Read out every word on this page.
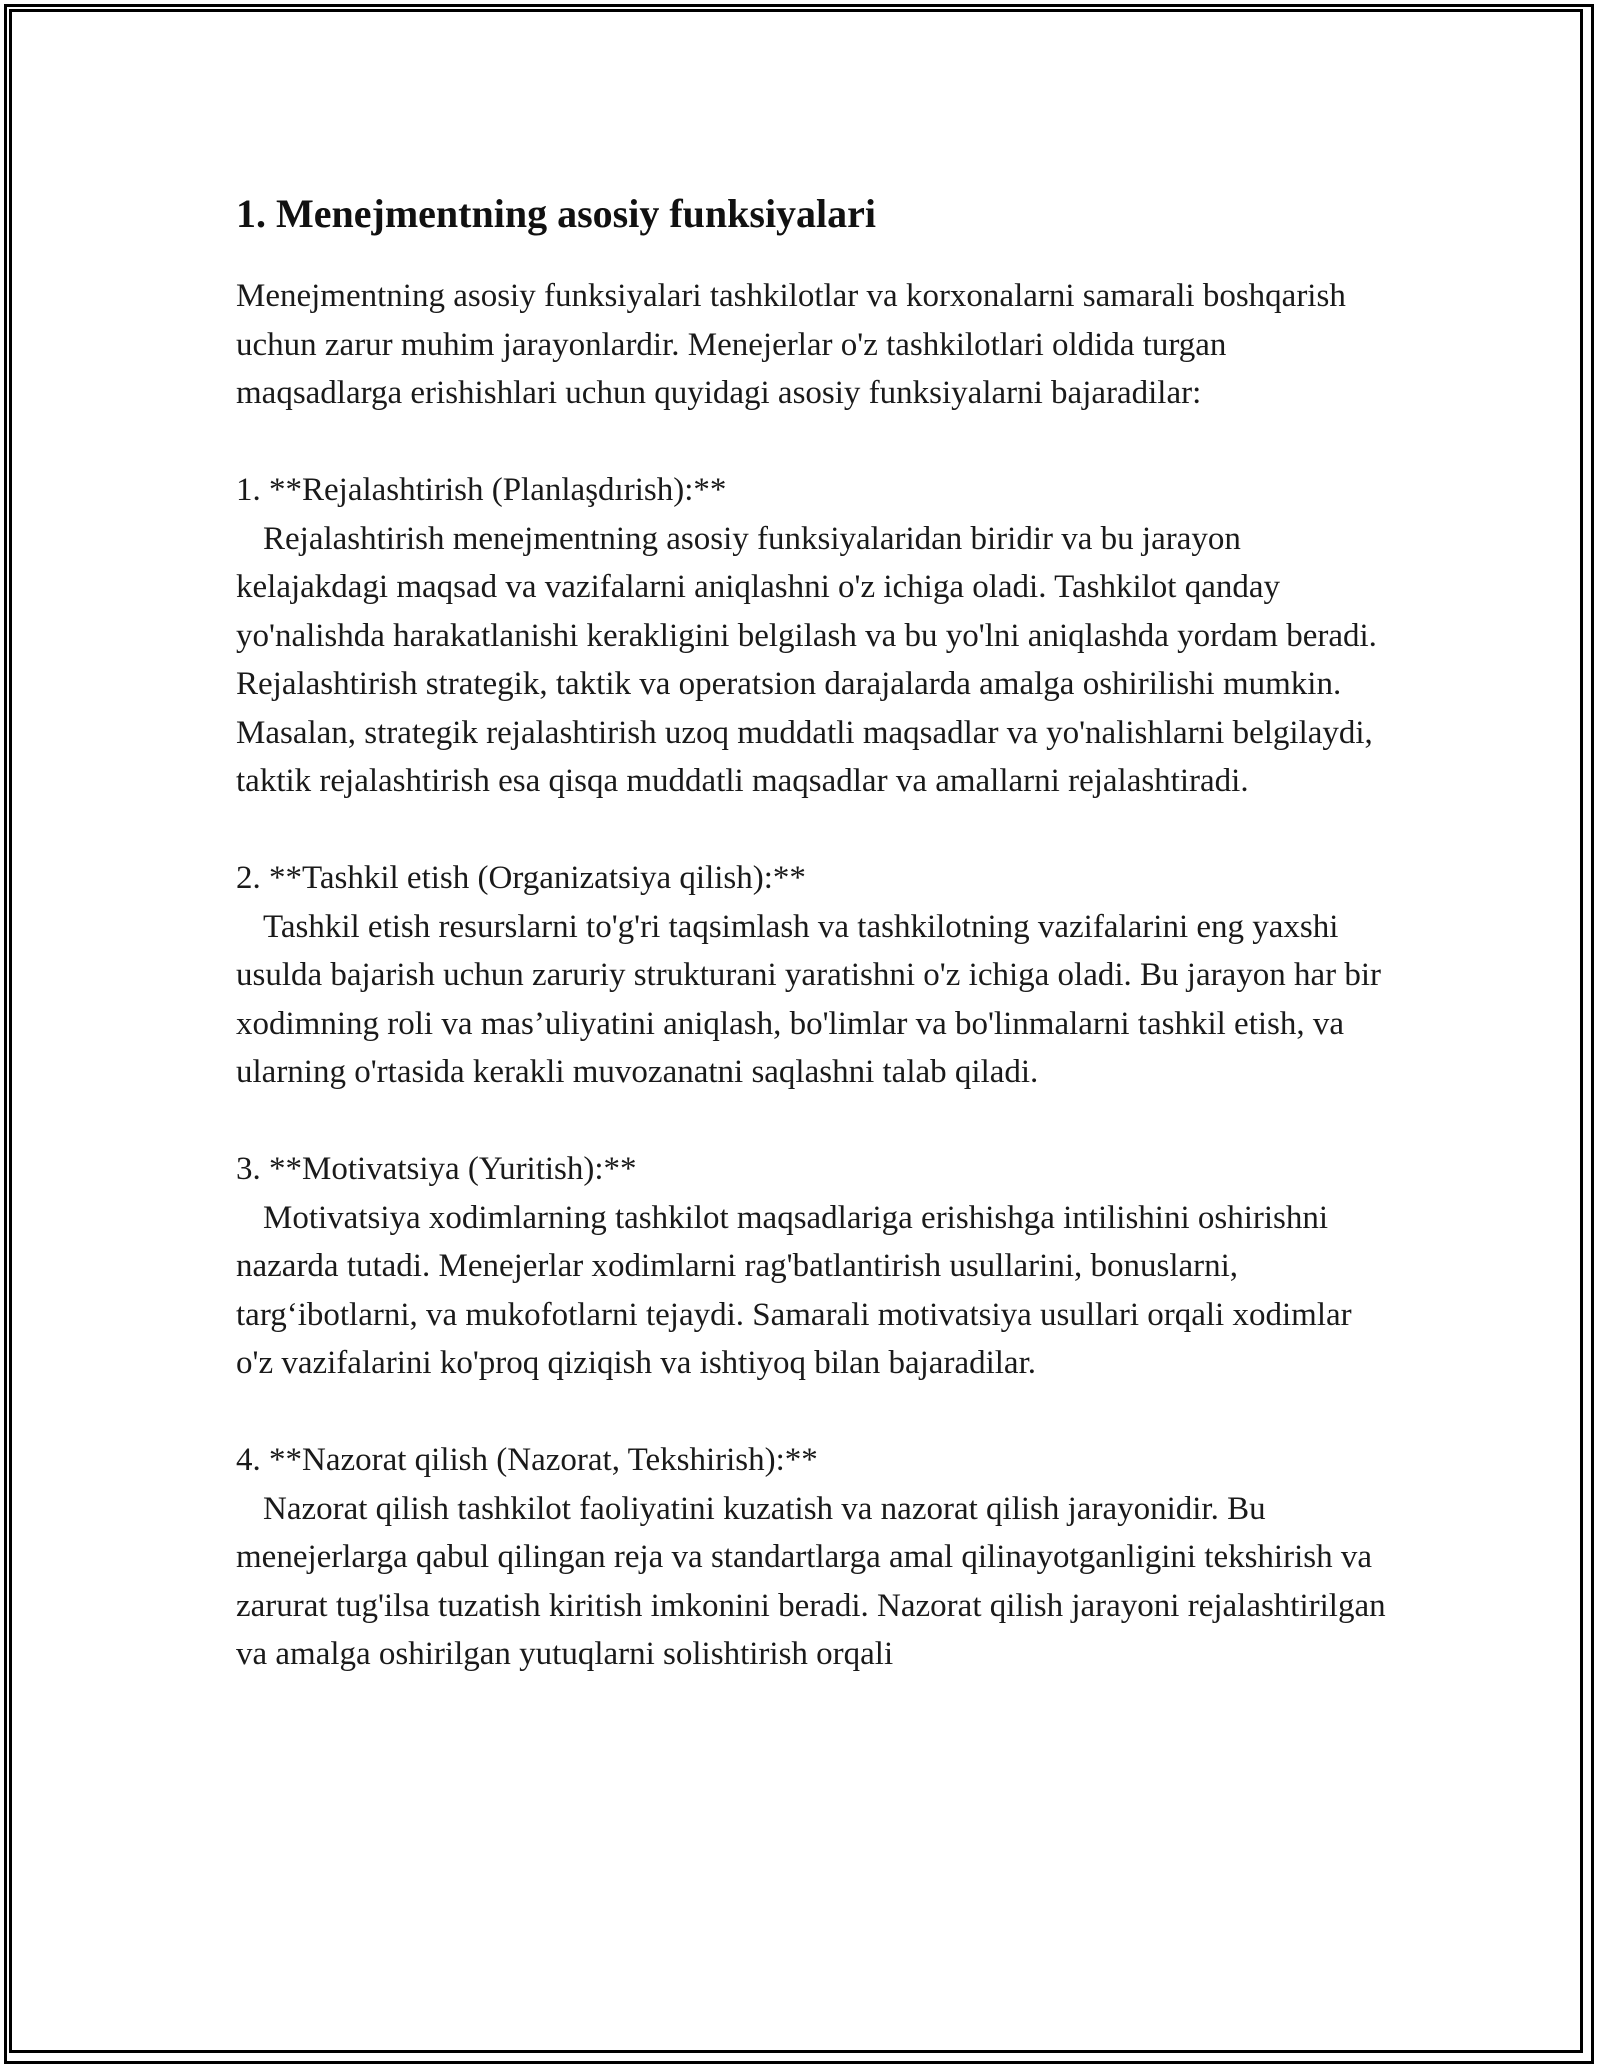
1. Menejmentning asosiy funksiyalari

Menejmentning asosiy funksiyalari tashkilotlar va korxonalarni samarali boshqarish uchun zarur muhim jarayonlardir. Menejerlar o'z tashkilotlari oldida turgan maqsadlarga erishishlari uchun quyidagi asosiy funksiyalarni bajaradilar:

1. **Rejalashtirish (Planlaşdırish):**

Rejalashtirish menejmentning asosiy funksiyalaridan biridir va bu jarayon kelajakdagi maqsad va vazifalarni aniqlashni o'z ichiga oladi. Tashkilot qanday yo'nalishda harakatlanishi kerakligini belgilash va bu yo'lni aniqlashda yordam beradi. Rejalashtirish strategik, taktik va operatsion darajalarda amalga oshirilishi mumkin. Masalan, strategik rejalashtirish uzoq muddatli maqsadlar va yo'nalishlarni belgilaydi, taktik rejalashtirish esa qisqa muddatli maqsadlar va amallarni rejalashtiradi.

2. **Tashkil etish (Organizatsiya qilish):**

Tashkil etish resurslarni to'g'ri taqsimlash va tashkilotning vazifalarini eng yaxshi usulda bajarish uchun zaruriy strukturani yaratishni o'z ichiga oladi. Bu jarayon har bir xodimning roli va mas’uliyatini aniqlash, bo'limlar va bo'linmalarni tashkil etish, va ularning o'rtasida kerakli muvozanatni saqlashni talab qiladi.

3. **Motivatsiya (Yuritish):**

Motivatsiya xodimlarning tashkilot maqsadlariga erishishga intilishini oshirishni nazarda tutadi. Menejerlar xodimlarni rag'batlantirish usullarini, bonuslarni, targ‘ibotlarni, va mukofotlarni tejaydi. Samarali motivatsiya usullari orqali xodimlar o'z vazifalarini ko'proq qiziqish va ishtiyoq bilan bajaradilar.

4. **Nazorat qilish (Nazorat, Tekshirish):**

Nazorat qilish tashkilot faoliyatini kuzatish va nazorat qilish jarayonidir. Bu menejerlarga qabul qilingan reja va standartlarga amal qilinayotganligini tekshirish va zarurat tug'ilsa tuzatish kiritish imkonini beradi. Nazorat qilish jarayoni rejalashtirilgan va amalga oshirilgan yutuqlarni solishtirish orqali
